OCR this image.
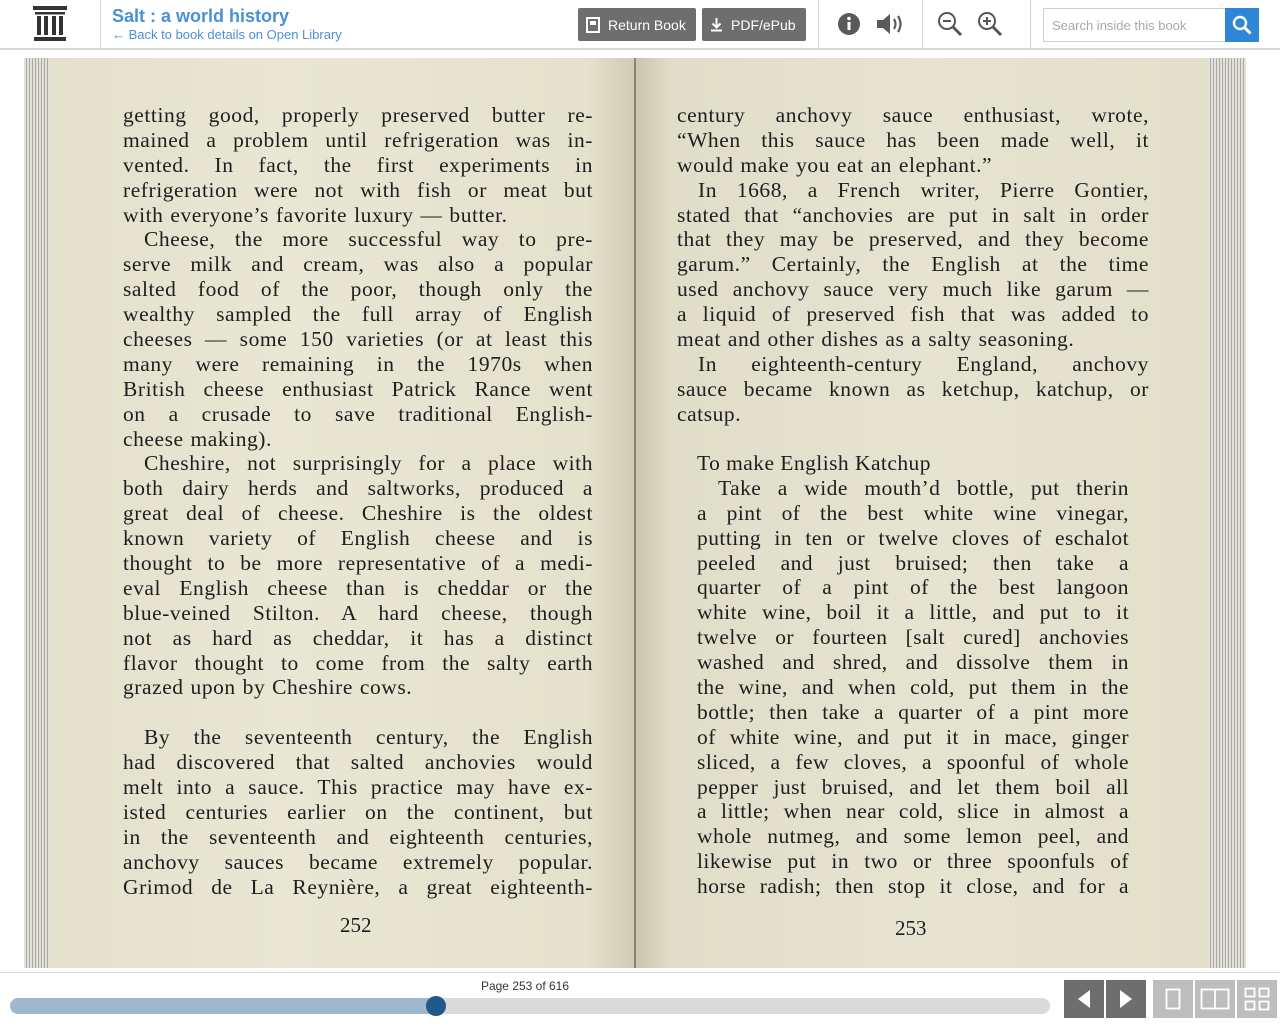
Salt : a world history
← Back to book details on Open Library
Return Book	PDF/ePub
Search inside this book
getting good, properly preserved butter re-
mained a problem until refrigeration was in-
vented. In fact, the first experiments in
refrigeration were not with fish or meat but
with everyone’s favorite luxury — butter.
Cheese, the more successful way to pre-
serve milk and cream, was also a popular
salted food of the poor, though only the
wealthy sampled the full array of English
cheeses — some 150 varieties (or at least this
many were remaining in the 1970s when
British cheese enthusiast Patrick Rance went
on a crusade to save traditional English-
cheese making).
Cheshire, not surprisingly for a place with
both dairy herds and saltworks, produced a
great deal of cheese. Cheshire is the oldest
known variety of English cheese and is
thought to be more representative of a medi-
eval English cheese than is cheddar or the
blue-veined Stilton. A hard cheese, though
not as hard as cheddar, it has a distinct
flavor thought to come from the salty earth
grazed upon by Cheshire cows.

By the seventeenth century, the English
had discovered that salted anchovies would
melt into a sauce. This practice may have ex-
isted centuries earlier on the continent, but
in the seventeenth and eighteenth centuries,
anchovy sauces became extremely popular.
Grimod de La Reynière, a great eighteenth-
252
century anchovy sauce enthusiast, wrote,
“When this sauce has been made well, it
would make you eat an elephant.”
In 1668, a French writer, Pierre Gontier,
stated that “anchovies are put in salt in order
that they may be preserved, and they become
garum.” Certainly, the English at the time
used anchovy sauce very much like garum —
a liquid of preserved fish that was added to
meat and other dishes as a salty seasoning.
In eighteenth-century England, anchovy
sauce became known as ketchup, katchup, or
catsup.
To make English Katchup
Take a wide mouth’d bottle, put therin
a pint of the best white wine vinegar,
putting in ten or twelve cloves of eschalot
peeled and just bruised; then take a
quarter of a pint of the best langoon
white wine, boil it a little, and put to it
twelve or fourteen [salt cured] anchovies
washed and shred, and dissolve them in
the wine, and when cold, put them in the
bottle; then take a quarter of a pint more
of white wine, and put it in mace, ginger
sliced, a few cloves, a spoonful of whole
pepper just bruised, and let them boil all
a little; when near cold, slice in almost a
whole nutmeg, and some lemon peel, and
likewise put in two or three spoonfuls of
horse radish; then stop it close, and for a
253
Page 253 of 616
